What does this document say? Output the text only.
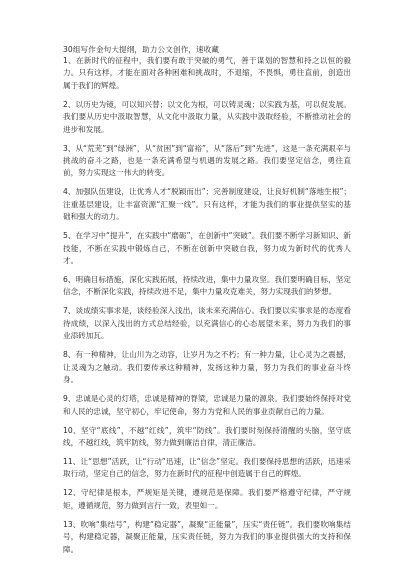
30组写作金句大提纲，助力公文创作，速收藏
1、在新时代的征程中，我们要有敢于突破的勇气，善于谋划的智慧和持之以恒的毅力。只有这样，才能在面对各种困难和挑战时，不退缩，不畏惧，勇往直前，创造出属于我们的辉煌。
2、以历史为镜，可以知兴替；以文化为根，可以铸灵魂；以实践为基，可以促发展。我们要从历史中汲取智慧，从文化中汲取力量，从实践中汲取经验，不断推动社会的进步和发展。
3、从“荒芜”到“绿洲”，从“贫困”到“富裕”，从“落后”到“先进”，这是一条充满艰辛与挑战的奋斗之路，也是一条充满希望与机遇的发展之路。我们要坚定信念，勇往直前，努力实现这一伟大的转变。
4、加强队伍建设，让优秀人才“脱颖而出”；完善制度建设，让良好机制“落地生根”；注重基层建设，让丰富资源“汇聚一线”。只有这样，才能为我们的事业提供坚实的基础和强大的动力。
5、在学习中“提升”，在实践中“磨砺”，在创新中“突破”。我们要不断学习新知识、新技能，不断在实践中锻炼自己，不断在创新中突破自我，努力成为新时代的优秀人才。
6、明确目标措施，深化实践拓展，持续改进，集中力量攻坚。我们要明确目标，坚定信念，不断深化实践，持续改进不足，集中力量攻克难关，努力实现我们的梦想。
7、谈成绩实事求是，谈经验深入浅出，谈未来充满信心。我们要以实事求是的态度看待成绩，以深入浅出的方式总结经验，以充满信心的心态展望未来，努力为我们的事业添砖加瓦。
8、有一种精神，让山川为之动容，让岁月为之不朽；有一种力量，让心灵为之震撼，让灵魂为之触动。我们要传承这种精神，发扬这种力量，努力为我们的事业奋斗终身。
9、忠诚是心灵的灯塔，忠诚是精神的脊梁，忠诚是力量的源泉。我们要始终保持对党和人民的忠诚，坚守初心，牢记使命，努力为党和人民的事业贡献自己的力量。
10、坚守“底线”，不越“红线”，筑牢“防线”。我们要时刻保持清醒的头脑，坚守底线，不越红线，筑牢防线，努力做到廉洁自律，清正廉洁。
11、让“思想”活跃，让“行动”迅速，让“信念”坚定。我们要保持思想的活跃，迅速采取行动，坚定自己的信念，努力在新时代的征程中创造属于自己的辉煌。
12、守纪律是根本，严规矩是关键，遵规范是保障。我们要严格遵守纪律，严守规矩，遵循规范，努力做到言行一致，表里如一。
13、吹响“集结号”，构建“稳定器”，凝聚“正能量”，压实“责任链”。我们要吹响集结号，构建稳定器，凝聚正能量，压实责任链，努力为我们的事业提供强大的支持和保障。
